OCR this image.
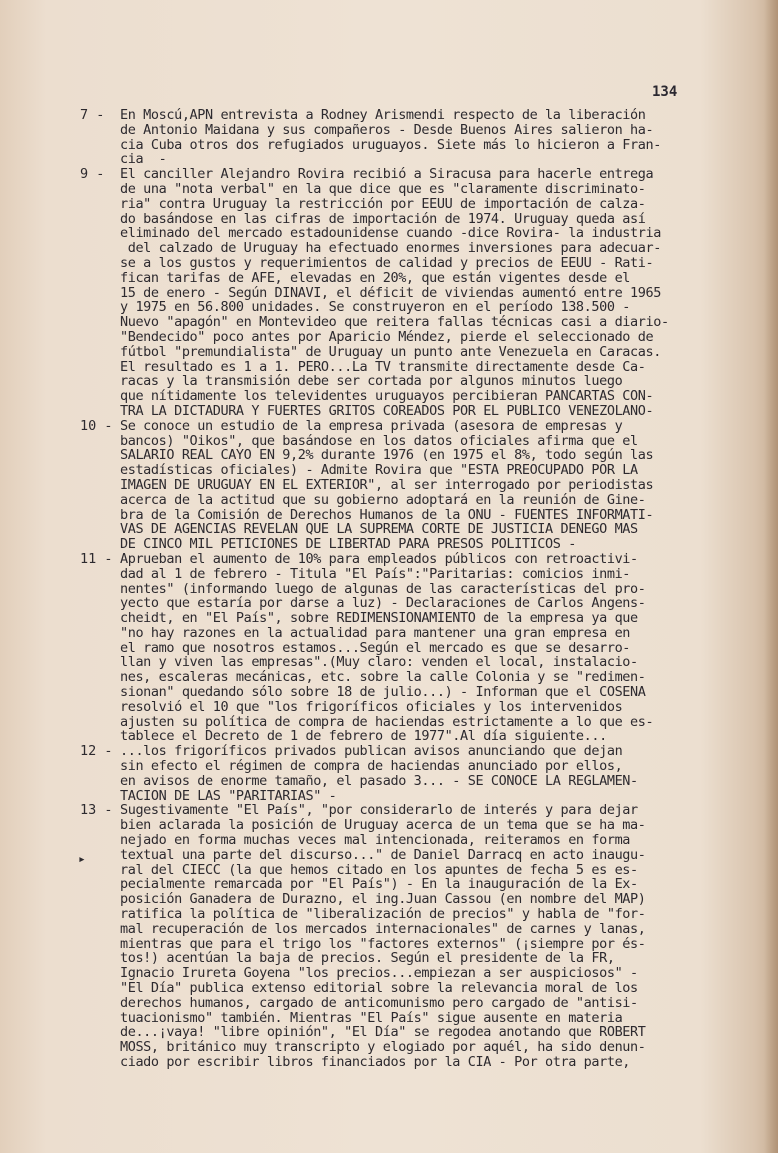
134
▸
7 -	En Moscú,APN entrevista a Rodney Arismendi respecto de la liberación
de Antonio Maidana y sus compañeros - Desde Buenos Aires salieron ha-
cia Cuba otros dos refugiados uruguayos. Siete más lo hicieron a Fran-
cia  -
9 -	El canciller Alejandro Rovira recibió a Siracusa para hacerle entrega
de una "nota verbal" en la que dice que es "claramente discriminato-
ria" contra Uruguay la restricción por EEUU de importación de calza-
do basándose en las cifras de importación de 1974. Uruguay queda así
eliminado del mercado estadounidense cuando -dice Rovira- la industria
del calzado de Uruguay ha efectuado enormes inversiones para adecuar-
se a los gustos y requerimientos de calidad y precios de EEUU - Rati-
fican tarifas de AFE, elevadas en 20%, que están vigentes desde el
15 de enero - Según DINAVI, el déficit de viviendas aumentó entre 1965
y 1975 en 56.800 unidades. Se construyeron en el período 138.500 -
Nuevo "apagón" en Montevideo que reitera fallas técnicas casi a diario-
"Bendecido" poco antes por Aparicio Méndez, pierde el seleccionado de
fútbol "premundialista" de Uruguay un punto ante Venezuela en Caracas.
El resultado es 1 a 1. PERO...La TV transmite directamente desde Ca-
racas y la transmisión debe ser cortada por algunos minutos luego
que nítidamente los televidentes uruguayos percibieran PANCARTAS CON-
TRA LA DICTADURA Y FUERTES GRITOS COREADOS POR EL PUBLICO VENEZOLANO-
10 - Se conoce un estudio de la empresa privada (asesora de empresas y
bancos) "Oikos", que basándose en los datos oficiales afirma que el
SALARIO REAL CAYO EN 9,2% durante 1976 (en 1975 el 8%, todo según las
estadísticas oficiales) - Admite Rovira que "ESTA PREOCUPADO POR LA
IMAGEN DE URUGUAY EN EL EXTERIOR", al ser interrogado por periodistas
acerca de la actitud que su gobierno adoptará en la reunión de Gine-
bra de la Comisión de Derechos Humanos de la ONU - FUENTES INFORMATI-
VAS DE AGENCIAS REVELAN QUE LA SUPREMA CORTE DE JUSTICIA DENEGO MAS
DE CINCO MIL PETICIONES DE LIBERTAD PARA PRESOS POLITICOS -
11 - Aprueban el aumento de 10% para empleados públicos con retroactivi-
dad al 1 de febrero - Titula "El País":"Paritarias: comicios inmi-
nentes" (informando luego de algunas de las características del pro-
yecto que estaría por darse a luz) - Declaraciones de Carlos Angens-
cheidt, en "El País", sobre REDIMENSIONAMIENTO de la empresa ya que
"no hay razones en la actualidad para mantener una gran empresa en
el ramo que nosotros estamos...Según el mercado es que se desarro-
llan y viven las empresas".(Muy claro: venden el local, instalacio-
nes, escaleras mecánicas, etc. sobre la calle Colonia y se "redimen-
sionan" quedando sólo sobre 18 de julio...) - Informan que el COSENA
resolvió el 10 que "los frigoríficos oficiales y los intervenidos
ajusten su política de compra de haciendas estrictamente a lo que es-
tablece el Decreto de 1 de febrero de 1977".Al día siguiente...
12 - ...los frigoríficos privados publican avisos anunciando que dejan
sin efecto el régimen de compra de haciendas anunciado por ellos,
en avisos de enorme tamaño, el pasado 3... - SE CONOCE LA REGLAMEN-
TACION DE LAS "PARITARIAS" -
13 - Sugestivamente "El País", "por considerarlo de interés y para dejar
bien aclarada la posición de Uruguay acerca de un tema que se ha ma-
nejado en forma muchas veces mal intencionada, reiteramos en forma
textual una parte del discurso..." de Daniel Darracq en acto inaugu-
ral del CIECC (la que hemos citado en los apuntes de fecha 5 es es-
pecialmente remarcada por "El País") - En la inauguración de la Ex-
posición Ganadera de Durazno, el ing.Juan Cassou (en nombre del MAP)
ratifica la política de "liberalización de precios" y habla de "for-
mal recuperación de los mercados internacionales" de carnes y lanas,
mientras que para el trigo los "factores externos" (¡siempre por és-
tos!) acentúan la baja de precios. Según el presidente de la FR,
Ignacio Irureta Goyena "los precios...empiezan a ser auspiciosos" -
"El Día" publica extenso editorial sobre la relevancia moral de los
derechos humanos, cargado de anticomunismo pero cargado de "antisi-
tuacionismo" también. Mientras "El País" sigue ausente en materia
de...¡vaya! "libre opinión", "El Día" se regodea anotando que ROBERT
MOSS, británico muy transcripto y elogiado por aquél, ha sido denun-
ciado por escribir libros financiados por la CIA - Por otra parte,
